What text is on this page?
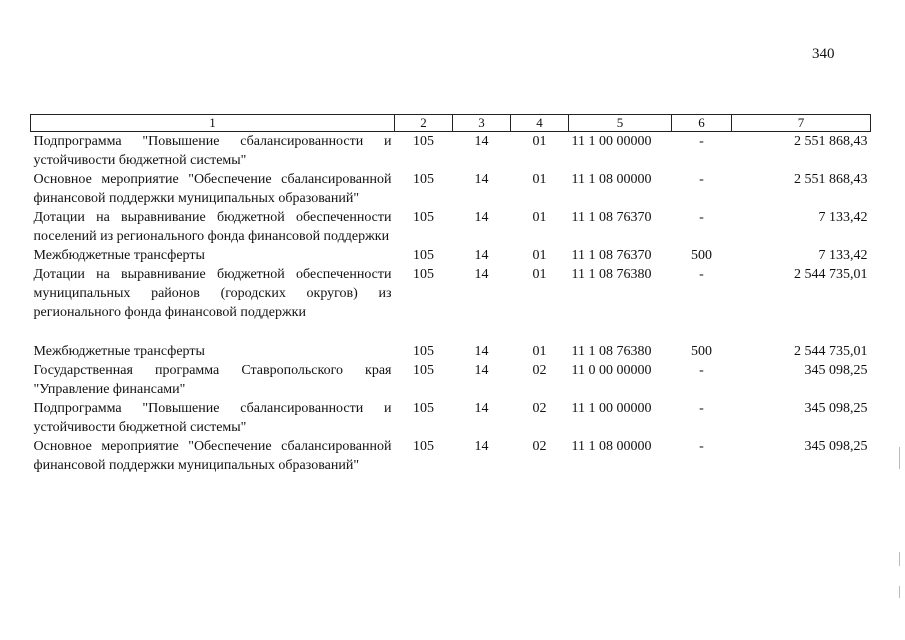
340
1	2	3	4	5	6	7
Подпрограмма "Повышение сбалансированности и устойчивости бюджетной системы"	105	14	01	11 1 00 00000	-	2 551 868,43
Основное мероприятие "Обеспечение сбалансированной финансовой поддержки муниципальных образований"	105	14	01	11 1 08 00000	-	2 551 868,43
Дотации на выравнивание бюджетной обеспеченности поселений из регионального фонда финансовой поддержки	105	14	01	11 1 08 76370	-	7 133,42
Межбюджетные трансферты	105	14	01	11 1 08 76370	500	7 133,42
Дотации на выравнивание бюджетной обеспеченности муниципальных районов (городских округов) из регионального фонда финансовой поддержки	105	14	01	11 1 08 76380	-	2 544 735,01

Межбюджетные трансферты	105	14	01	11 1 08 76380	500	2 544 735,01
Государственная программа Ставропольского края "Управление финансами"	105	14	02	11 0 00 00000	-	345 098,25
Подпрограмма "Повышение сбалансированности и устойчивости бюджетной системы"	105	14	02	11 1 00 00000	-	345 098,25
Основное мероприятие "Обеспечение сбалансированной финансовой поддержки муниципальных образований"	105	14	02	11 1 08 00000	-	345 098,25
